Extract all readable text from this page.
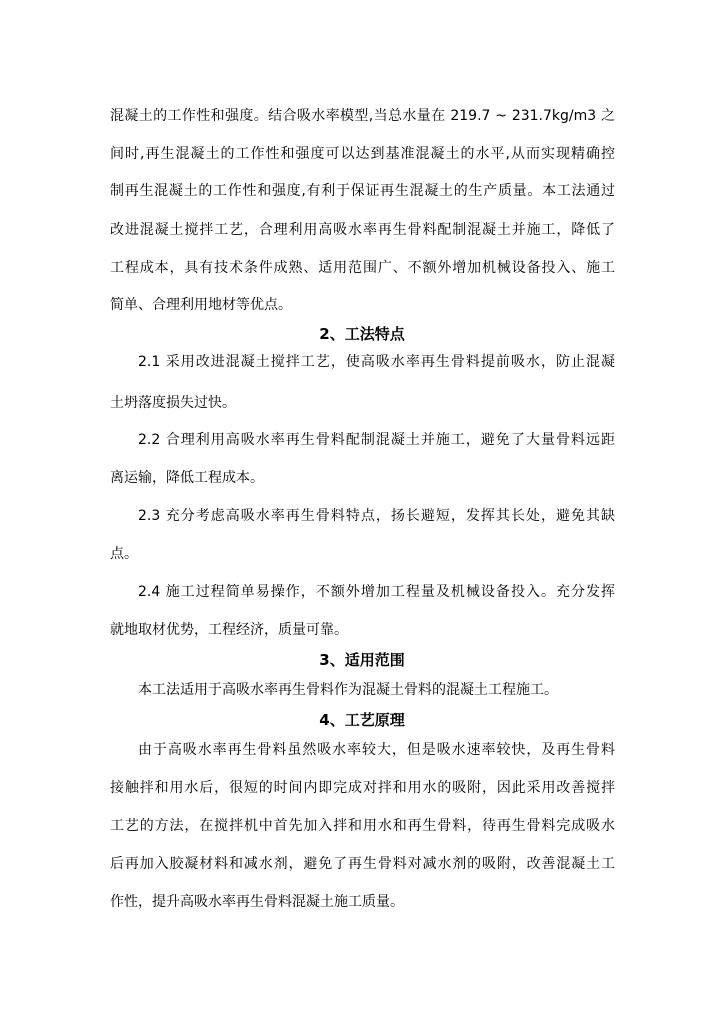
混凝土的工作性和强度。结合吸水率模型,当总水量在 219.7 ~ 231.7kg/m3 之
间时,再生混凝土的工作性和强度可以达到基准混凝土的水平,从而实现精确控
制再生混凝土的工作性和强度,有利于保证再生混凝土的生产质量。本工法通过
改进混凝土搅拌工艺，合理利用高吸水率再生骨料配制混凝土并施工，降低了
工程成本，具有技术条件成熟、适用范围广、不额外增加机械设备投入、施工
简单、合理利用地材等优点。
2、工法特点
2.1 采用改进混凝土搅拌工艺，使高吸水率再生骨料提前吸水，防止混凝
土坍落度损失过快。
2.2 合理利用高吸水率再生骨料配制混凝土并施工，避免了大量骨料远距
离运输，降低工程成本。
2.3 充分考虑高吸水率再生骨料特点，扬长避短，发挥其长处，避免其缺
点。
2.4 施工过程简单易操作，不额外增加工程量及机械设备投入。充分发挥
就地取材优势，工程经济，质量可靠。
3、适用范围
本工法适用于高吸水率再生骨料作为混凝土骨料的混凝土工程施工。
4、工艺原理
由于高吸水率再生骨料虽然吸水率较大，但是吸水速率较快，及再生骨料
接触拌和用水后，很短的时间内即完成对拌和用水的吸附，因此采用改善搅拌
工艺的方法，在搅拌机中首先加入拌和用水和再生骨料，待再生骨料完成吸水
后再加入胶凝材料和减水剂，避免了再生骨料对减水剂的吸附，改善混凝土工
作性，提升高吸水率再生骨料混凝土施工质量。
